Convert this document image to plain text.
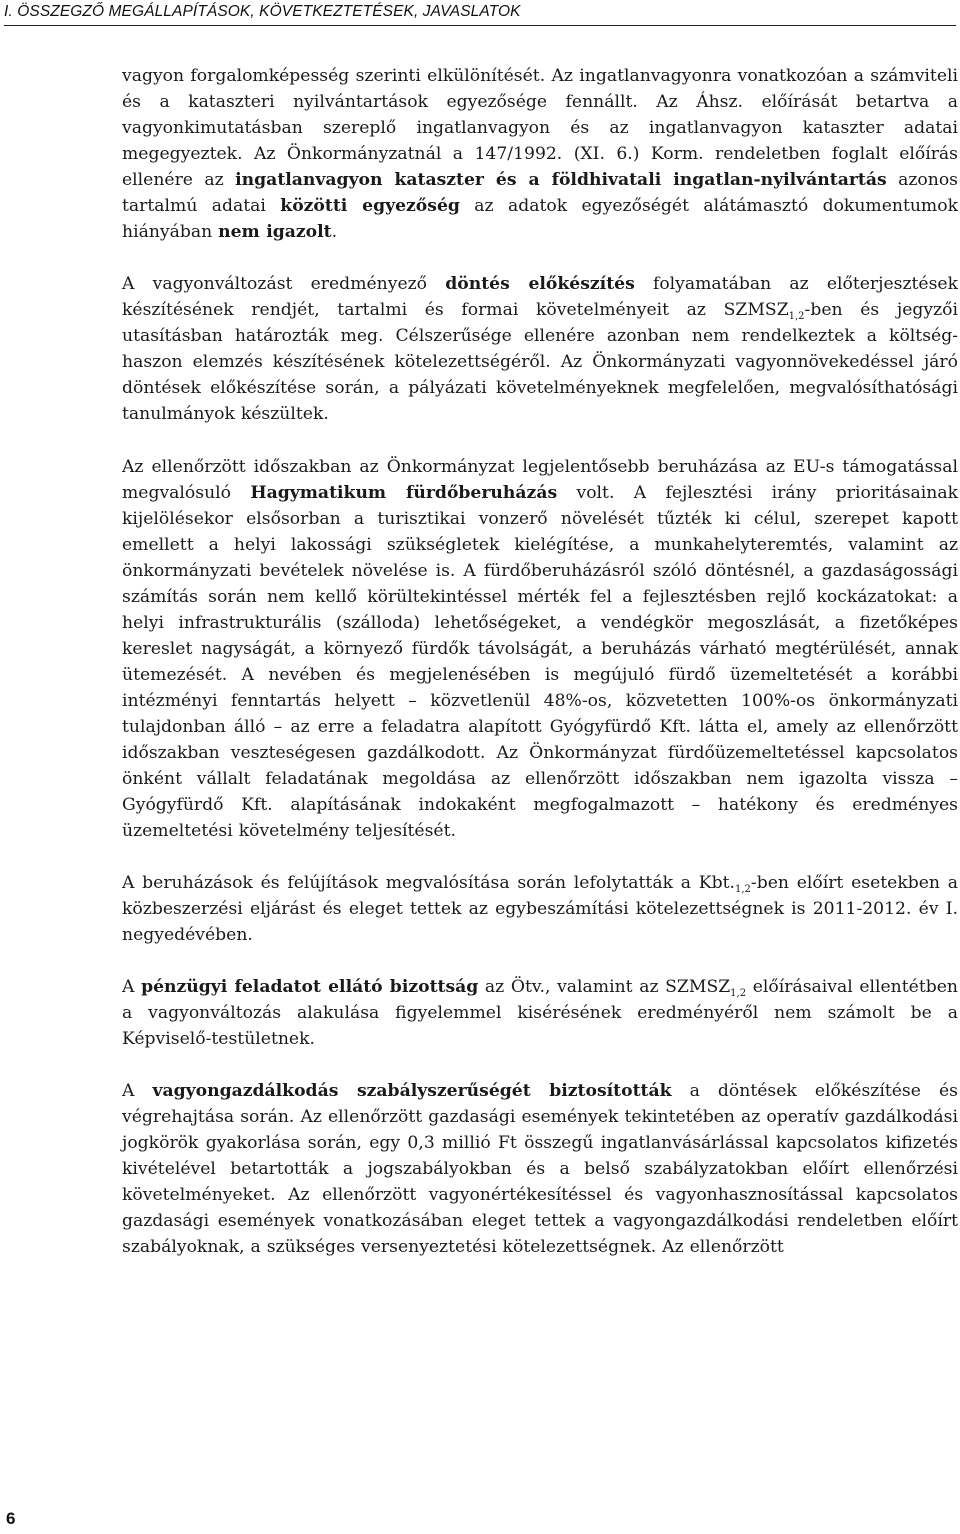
I. ÖSSZEGZŐ MEGÁLLAPÍTÁSOK, KÖVETKEZTETÉSEK, JAVASLATOK

vagyon forgalomképesség szerinti elkülönítését. Az ingatlanvagyonra vonatkozóan a számviteli és a kataszteri nyilvántartások egyezősége fennállt. Az Áhsz. előírását betartva a vagyonkimutatásban szereplő ingatlanvagyon és az ingatlanvagyon kataszter adatai megegyeztek. Az Önkormányzatnál a 147/1992. (XI. 6.) Korm. rendeletben foglalt előírás ellenére az ingatlanvagyon kataszter és a földhivatali ingatlan-nyilvántartás azonos tartalmú adatai közötti egyezőség az adatok egyezőségét alátámasztó dokumentumok hiányában nem igazolt.

A vagyonváltozást eredményező döntés előkészítés folyamatában az előterjesztések készítésének rendjét, tartalmi és formai követelményeit az $SZMSZ_{1,2}$-ben és jegyzői utasításban határozták meg. Célszerűsége ellenére azonban nem rendelkeztek a költség-haszon elemzés készítésének kötelezettségéről. Az Önkormányzati vagyonnövekedéssel járó döntések előkészítése során, a pályázati követelményeknek megfelelően, megvalósíthatósági tanulmányok készültek.

Az ellenőrzött időszakban az Önkormányzat legjelentősebb beruházása az EU-s támogatással megvalósuló Hagymatikum fürdőberuházás volt. A fejlesztési irány prioritásainak kijelölésekor elsősorban a turisztikai vonzerő növelését tűzték ki célul, szerepet kapott emellett a helyi lakossági szükségletek kielégítése, a munkahelyteremtés, valamint az önkormányzati bevételek növelése is. A fürdőberuházásról szóló döntésnél, a gazdaságossági számítás során nem kellő körültekintéssel mérték fel a fejlesztésben rejlő kockázatokat: a helyi infrastrukturális (szálloda) lehetőségeket, a vendégkör megoszlását, a fizetőképes kereslet nagyságát, a környező fürdők távolságát, a beruházás várható megtérülését, annak ütemezését. A nevében és megjelenésében is megújuló fürdő üzemeltetését a korábbi intézményi fenntartás helyett – közvetlenül 48%-os, közvetetten 100%-os önkormányzati tulajdonban álló – az erre a feladatra alapított Gyógyfürdő Kft. látta el, amely az ellenőrzött időszakban veszteségesen gazdálkodott. Az Önkormányzat fürdőüzemeltetéssel kapcsolatos önként vállalt feladatának megoldása az ellenőrzött időszakban nem igazolta vissza – Gyógyfürdő Kft. alapításának indokaként megfogalmazott – hatékony és eredményes üzemeltetési követelmény teljesítését.

A beruházások és felújítások megvalósítása során lefolytatták a $Kbt._{1,2}$-ben előírt esetekben a közbeszerzési eljárást és eleget tettek az egybeszámítási kötelezettségnek is 2011-2012. év I. negyedévében.

A pénzügyi feladatot ellátó bizottság az Ötv., valamint az $SZMSZ_{1,2}$ előírásaival ellentétben a vagyonváltozás alakulása figyelemmel kisérésének eredményéről nem számolt be a Képviselő-testületnek.

A vagyongazdálkodás szabályszerűségét biztosították a döntések előkészítése és végrehajtása során. Az ellenőrzött gazdasági események tekintetében az operatív gazdálkodási jogkörök gyakorlása során, egy 0,3 millió Ft összegű ingatlanvásárlással kapcsolatos kifizetés kivételével betartották a jogszabályokban és a belső szabályzatokban előírt ellenőrzési követelményeket. Az ellenőrzött vagyonértékesítéssel és vagyonhasznosítással kapcsolatos gazdasági események vonatkozásában eleget tettek a vagyongazdálkodási rendeletben előírt szabályoknak, a szükséges versenyeztetési kötelezettségnek. Az ellenőrzött

6
